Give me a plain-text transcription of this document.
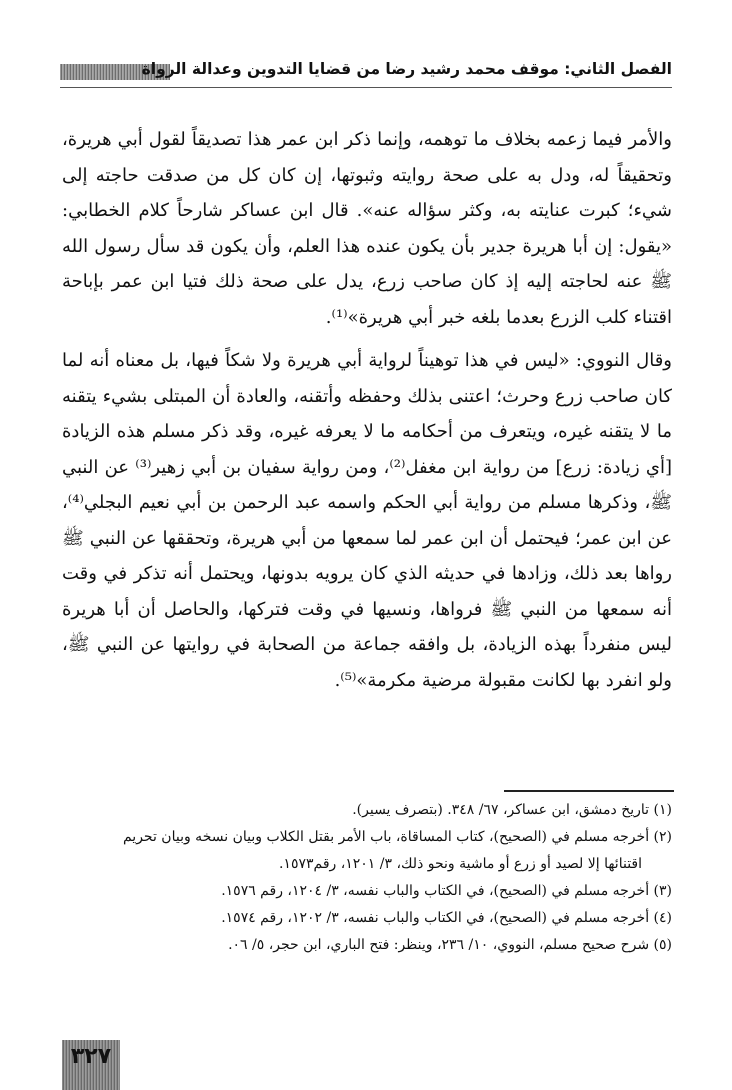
الفصل الثاني: موقف محمد رشيد رضا من قضايا التدوين وعدالة الرواة

والأمر فيما زعمه بخلاف ما توهمه، وإنما ذكر ابن عمر هذا تصديقاً لقول أبي هريرة، وتحقيقاً له، ودل به على صحة روايته وثبوتها، إن كان كل من صدقت حاجته إلى شيء؛ كبرت عنايته به، وكثر سؤاله عنه». قال ابن عساكر شارحاً كلام الخطابي: «يقول: إن أبا هريرة جدير بأن يكون عنده هذا العلم، وأن يكون قد سأل رسول الله ﷺ عنه لحاجته إليه إذ كان صاحب زرع، يدل على صحة ذلك فتيا ابن عمر بإباحة اقتناء كلب الزرع بعدما بلغه خبر أبي هريرة»⁽¹⁾.

وقال النووي: «ليس في هذا توهيناً لرواية أبي هريرة ولا شكاً فيها، بل معناه أنه لما كان صاحب زرع وحرث؛ اعتنى بذلك وحفظه وأتقنه، والعادة أن المبتلى بشيء يتقنه ما لا يتقنه غيره، ويتعرف من أحكامه ما لا يعرفه غيره، وقد ذكر مسلم هذه الزيادة [أي زيادة: زرع] من رواية ابن مغفل⁽²⁾، ومن رواية سفيان بن أبي زهير⁽³⁾ عن النبي ﷺ، وذكرها مسلم من رواية أبي الحكم واسمه عبد الرحمن بن أبي نعيم البجلي⁽⁴⁾، عن ابن عمر؛ فيحتمل أن ابن عمر لما سمعها من أبي هريرة، وتحققها عن النبي ﷺ رواها بعد ذلك، وزادها في حديثه الذي كان يرويه بدونها، ويحتمل أنه تذكر في وقت أنه سمعها من النبي ﷺ فرواها، ونسيها في وقت فتركها، والحاصل أن أبا هريرة ليس منفرداً بهذه الزيادة، بل وافقه جماعة من الصحابة في روايتها عن النبي ﷺ، ولو انفرد بها لكانت مقبولة مرضية مكرمة»⁽⁵⁾.

(١) تاريخ دمشق، ابن عساكر، ٦٧/ ٣٤٨. (بتصرف يسير).
(٢) أخرجه مسلم في (الصحيح)، كتاب المساقاة، باب الأمر بقتل الكلاب وبيان نسخه وبيان تحريم
اقتنائها إلا لصيد أو زرع أو ماشية ونحو ذلك، ٣/ ١٢٠١، رقم١٥٧٣.
(٣) أخرجه مسلم في (الصحيح)، في الكتاب والباب نفسه، ٣/ ١٢٠٤، رقم ١٥٧٦.
(٤) أخرجه مسلم في (الصحيح)، في الكتاب والباب نفسه، ٣/ ١٢٠٢، رقم ١٥٧٤.
(٥) شرح صحيح مسلم، النووي، ١٠/ ٢٣٦، وينظر: فتح الباري، ابن حجر، ٥/ ٠٦.
٣٢٧
